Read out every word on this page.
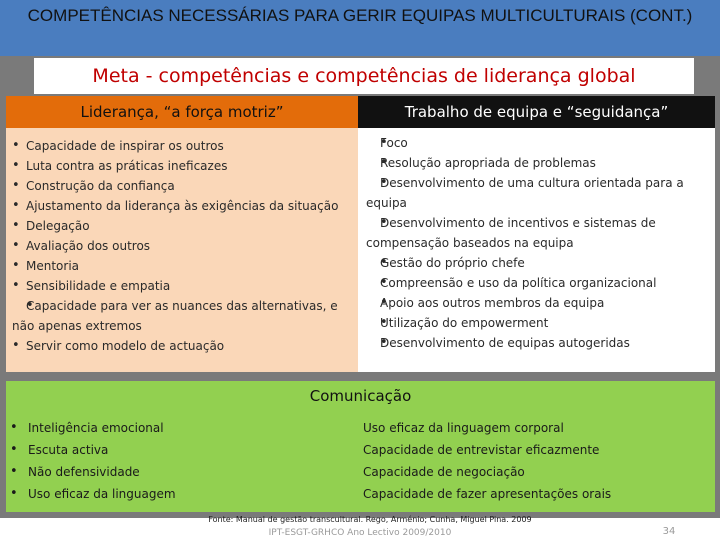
COMPETÊNCIAS NECESSÁRIAS PARA GERIR EQUIPAS MULTICULTURAIS (CONT.)
Meta - competências e competências de liderança global
Liderança, “a força motriz”	Trabalho de equipa e “seguidança”
• Capacidade de inspirar os outros
• Luta contra as práticas ineficazes
• Construção da confiança
• Ajustamento da liderança às exigências da situação
• Delegação
• Avaliação dos outros
• Mentoria
• Sensibilidade e empatia
• Capacidade para ver as nuances das alternativas, e não apenas extremos
• Servir como modelo de actuação
• Foco
• Resolução apropriada de problemas
• Desenvolvimento de uma cultura orientada para a equipa
• Desenvolvimento de incentivos e sistemas de compensação baseados na equipa
• Gestão do próprio chefe
• Compreensão e uso da política organizacional
• Apoio aos outros membros da equipa
• Utilização do empowerment
• Desenvolvimento de equipas autogeridas
Comunicação
• Inteligência emocional
• Escuta activa
• Não defensividade
• Uso eficaz da linguagem
Uso eficaz da linguagem corporal
Capacidade de entrevistar eficazmente
Capacidade de negociação
Capacidade de fazer apresentações orais
Fonte: Manual de gestão transcultural. Rego, Arménio; Cunha, Miguel Pina. 2009
IPT-ESGT-GRHCO Ano Lectivo 2009/2010	34
